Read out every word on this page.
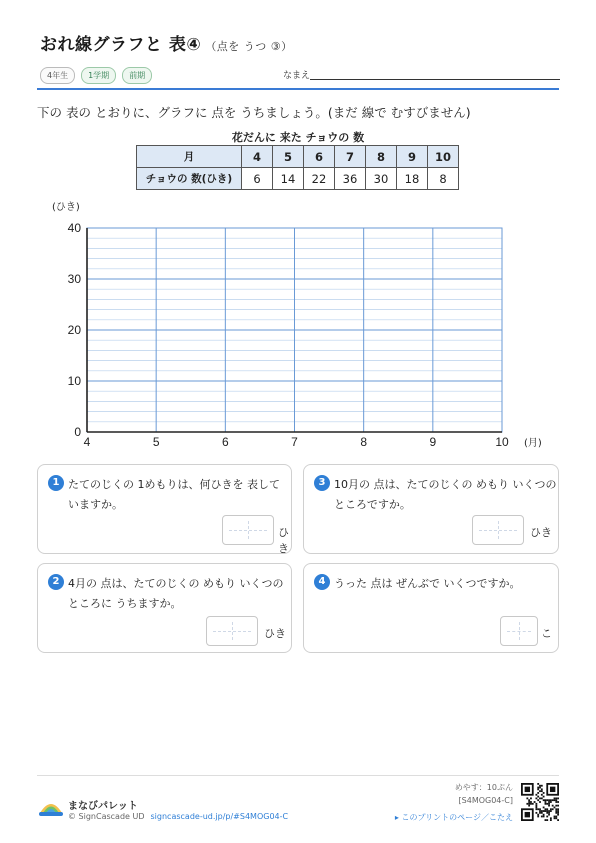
おれ線グラフと 表④ （点を うつ ③）
4年生	1学期	前期	なまえ
下の 表の とおりに、グラフに 点を うちましょう。(まだ 線で むすびません)
花だんに 来た チョウの 数
月	4	5	6	7	8	9	10
チョウの 数(ひき)	6	14	22	36	30	18	8
0
10
20
30
40
4	5	6	7	8	9	10
(ひき)
(月)
1 たてのじくの 1めもりは、何ひきを 表して
いますか。
ひき
2 4月の 点は、たてのじくの めもり いくつの
ところに うちますか。
ひき
3 10月の 点は、たてのじくの めもり いくつの
ところですか。
ひき
4 うった 点は ぜんぶで いくつですか。
こ
まなびパレット
© SignCascade UD signcascade-ud.jp/p/#S4MOG04-C
めやす：10ぷん
[S4MOG04-C]
▸ このプリントのページ／こたえ
